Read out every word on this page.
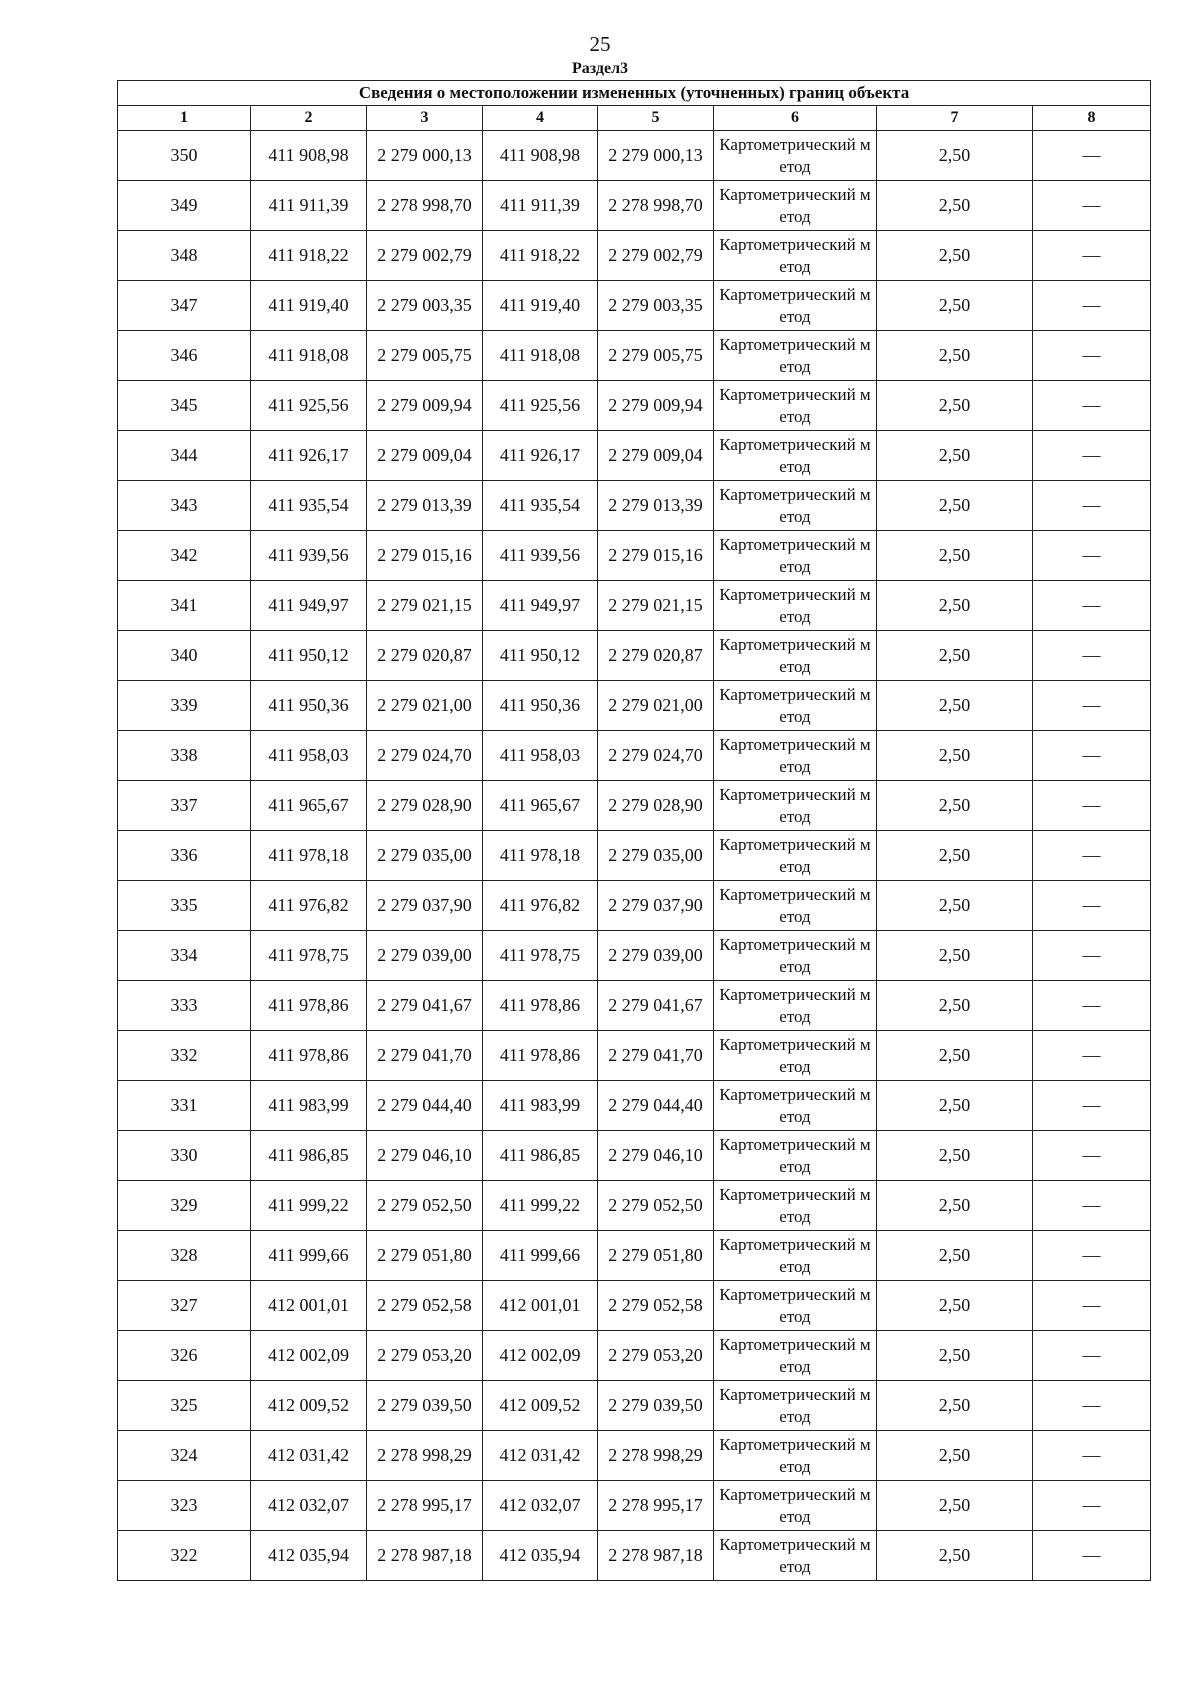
25
Раздел3
Сведения о местоположении измененных (уточненных) границ объекта							
1	2	3	4	5	6	7	8
350	411 908,98	2 279 000,13	411 908,98	2 279 000,13	Картометрический метод	2,50	—
349	411 911,39	2 278 998,70	411 911,39	2 278 998,70	Картометрический метод	2,50	—
348	411 918,22	2 279 002,79	411 918,22	2 279 002,79	Картометрический метод	2,50	—
347	411 919,40	2 279 003,35	411 919,40	2 279 003,35	Картометрический метод	2,50	—
346	411 918,08	2 279 005,75	411 918,08	2 279 005,75	Картометрический метод	2,50	—
345	411 925,56	2 279 009,94	411 925,56	2 279 009,94	Картометрический метод	2,50	—
344	411 926,17	2 279 009,04	411 926,17	2 279 009,04	Картометрический метод	2,50	—
343	411 935,54	2 279 013,39	411 935,54	2 279 013,39	Картометрический метод	2,50	—
342	411 939,56	2 279 015,16	411 939,56	2 279 015,16	Картометрический метод	2,50	—
341	411 949,97	2 279 021,15	411 949,97	2 279 021,15	Картометрический метод	2,50	—
340	411 950,12	2 279 020,87	411 950,12	2 279 020,87	Картометрический метод	2,50	—
339	411 950,36	2 279 021,00	411 950,36	2 279 021,00	Картометрический метод	2,50	—
338	411 958,03	2 279 024,70	411 958,03	2 279 024,70	Картометрический метод	2,50	—
337	411 965,67	2 279 028,90	411 965,67	2 279 028,90	Картометрический метод	2,50	—
336	411 978,18	2 279 035,00	411 978,18	2 279 035,00	Картометрический метод	2,50	—
335	411 976,82	2 279 037,90	411 976,82	2 279 037,90	Картометрический метод	2,50	—
334	411 978,75	2 279 039,00	411 978,75	2 279 039,00	Картометрический метод	2,50	—
333	411 978,86	2 279 041,67	411 978,86	2 279 041,67	Картометрический метод	2,50	—
332	411 978,86	2 279 041,70	411 978,86	2 279 041,70	Картометрический метод	2,50	—
331	411 983,99	2 279 044,40	411 983,99	2 279 044,40	Картометрический метод	2,50	—
330	411 986,85	2 279 046,10	411 986,85	2 279 046,10	Картометрический метод	2,50	—
329	411 999,22	2 279 052,50	411 999,22	2 279 052,50	Картометрический метод	2,50	—
328	411 999,66	2 279 051,80	411 999,66	2 279 051,80	Картометрический метод	2,50	—
327	412 001,01	2 279 052,58	412 001,01	2 279 052,58	Картометрический метод	2,50	—
326	412 002,09	2 279 053,20	412 002,09	2 279 053,20	Картометрический метод	2,50	—
325	412 009,52	2 279 039,50	412 009,52	2 279 039,50	Картометрический метод	2,50	—
324	412 031,42	2 278 998,29	412 031,42	2 278 998,29	Картометрический метод	2,50	—
323	412 032,07	2 278 995,17	412 032,07	2 278 995,17	Картометрический метод	2,50	—
322	412 035,94	2 278 987,18	412 035,94	2 278 987,18	Картометрический метод	2,50	—
